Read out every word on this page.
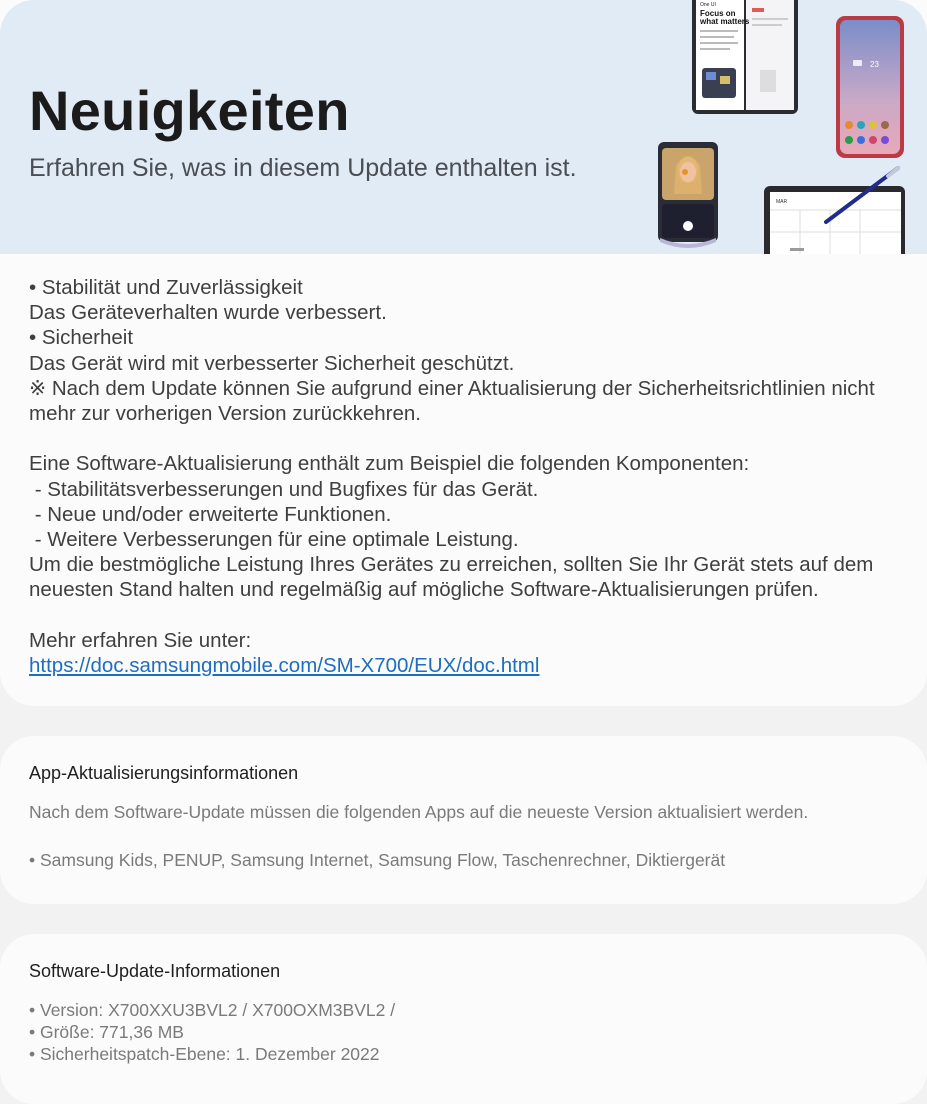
Neuigkeiten

Erfahren Sie, was in diesem Update enthalten ist.

One UI
Focus on
what matters
23
MAR
• Stabilität und Zuverlässigkeit
Das Geräteverhalten wurde verbessert.
• Sicherheit
Das Gerät wird mit verbesserter Sicherheit geschützt.
※ Nach dem Update können Sie aufgrund einer Aktualisierung der Sicherheitsrichtlinien nicht
mehr zur vorherigen Version zurückkehren.
Eine Software-Aktualisierung enthält zum Beispiel die folgenden Komponenten:
- Stabilitätsverbesserungen und Bugfixes für das Gerät.
- Neue und/oder erweiterte Funktionen.
- Weitere Verbesserungen für eine optimale Leistung.
Um die bestmögliche Leistung Ihres Gerätes zu erreichen, sollten Sie Ihr Gerät stets auf dem
neuesten Stand halten und regelmäßig auf mögliche Software-Aktualisierungen prüfen.
Mehr erfahren Sie unter:
https://doc.samsungmobile.com/SM-X700/EUX/doc.html
App-Aktualisierungsinformationen
Nach dem Software-Update müssen die folgenden Apps auf die neueste Version aktualisiert werden.
• Samsung Kids, PENUP, Samsung Internet, Samsung Flow, Taschenrechner, Diktiergerät
Software-Update-Informationen
• Version: X700XXU3BVL2 / X700OXM3BVL2 /
• Größe: 771,36 MB
• Sicherheitspatch-Ebene: 1. Dezember 2022
